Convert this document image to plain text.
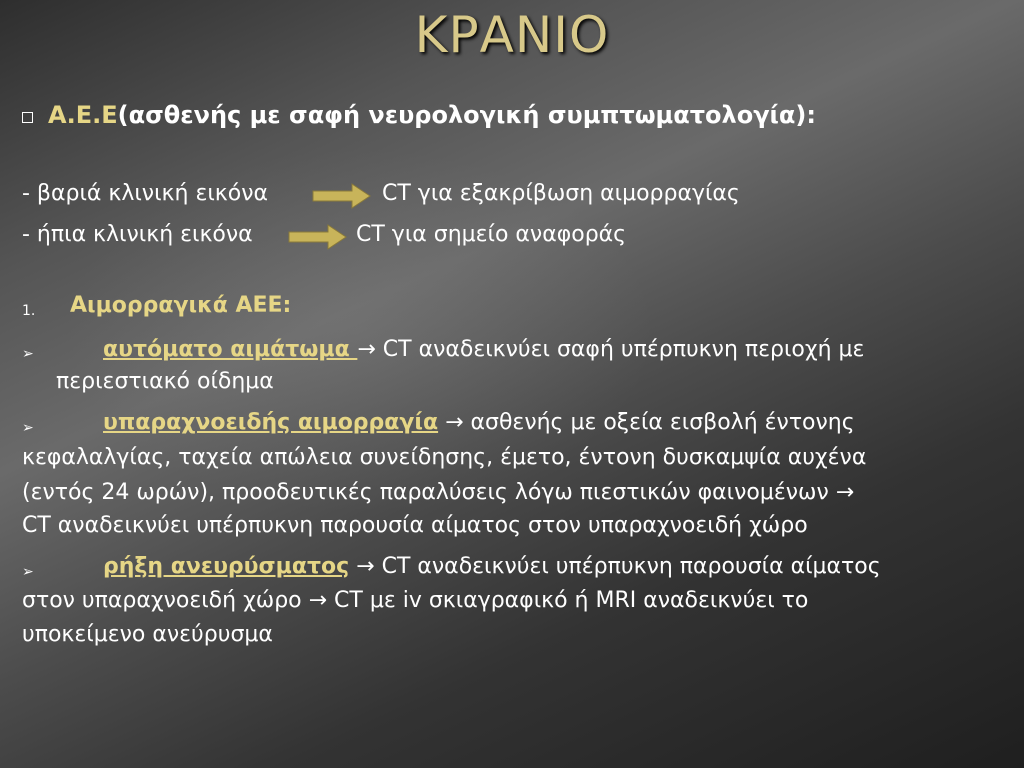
ΚΡΑΝΙΟ
Α.Ε.Ε(ασθενής με σαφή νευρολογική συμπτωματολογία):
- βαριά κλινική εικόνα	CT για εξακρίβωση αιμορραγίας
- ήπια κλινική εικόνα	CT για σημείο αναφοράς
1. Αιμορραγικά ΑΕΕ:
➢	αυτόματο αιμάτωμα → CT αναδεικνύει σαφή υπέρπυκνη περιοχή με
περιεστιακό οίδημα
➢	υπαραχνοειδής αιμορραγία → ασθενής με οξεία εισβολή έντονης
κεφαλαλγίας, ταχεία απώλεια συνείδησης, έμετο, έντονη δυσκαμψία αυχένα
(εντός 24 ωρών), προοδευτικές παραλύσεις λόγω πιεστικών φαινομένων →
CT αναδεικνύει υπέρπυκνη παρουσία αίματος στον υπαραχνοειδή χώρο
➢	ρήξη ανευρύσματος → CT αναδεικνύει υπέρπυκνη παρουσία αίματος
στον υπαραχνοειδή χώρο → CT με iv σκιαγραφικό ή MRI αναδεικνύει το
υποκείμενο ανεύρυσμα
